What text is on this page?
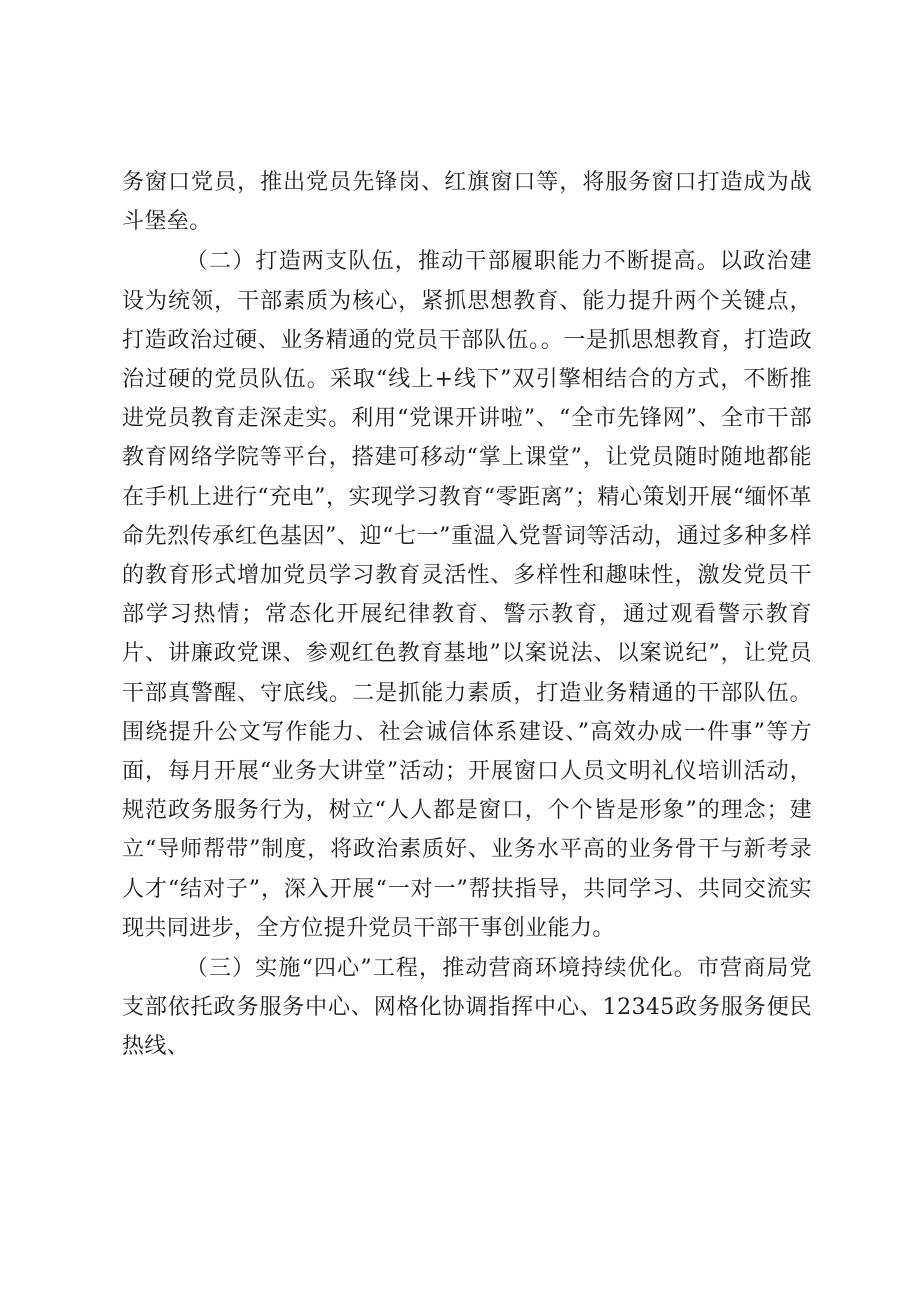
务窗口党员，推出党员先锋岗、红旗窗口等，将服务窗口打造成为战斗堡垒。

（二）打造两支队伍，推动干部履职能力不断提高。以政治建设为统领，干部素质为核心，紧抓思想教育、能力提升两个关键点，打造政治过硬、业务精通的党员干部队伍。。一是抓思想教育，打造政治过硬的党员队伍。采取“线上+线下”双引擎相结合的方式，不断推进党员教育走深走实。利用“党课开讲啦”、“全市先锋网”、全市干部教育网络学院等平台，搭建可移动“掌上课堂”，让党员随时随地都能在手机上进行“充电”，实现学习教育“零距离”；精心策划开展“缅怀革命先烈传承红色基因”、迎“七一”重温入党誓词等活动，通过多种多样的教育形式增加党员学习教育灵活性、多样性和趣味性，激发党员干部学习热情；常态化开展纪律教育、警示教育，通过观看警示教育片、讲廉政党课、参观红色教育基地”以案说法、以案说纪”，让党员干部真警醒、守底线。二是抓能力素质，打造业务精通的干部队伍。围绕提升公文写作能力、社会诚信体系建设、”高效办成一件事”等方面，每月开展“业务大讲堂”活动；开展窗口人员文明礼仪培训活动，规范政务服务行为，树立“人人都是窗口，个个皆是形象”的理念；建立“导师帮带”制度，将政治素质好、业务水平高的业务骨干与新考录人才“结对子”，深入开展“一对一”帮扶指导，共同学习、共同交流实现共同进步，全方位提升党员干部干事创业能力。

（三）实施“四心”工程，推动营商环境持续优化。市营商局党支部依托政务服务中心、网格化协调指挥中心、12345政务服务便民热线、
